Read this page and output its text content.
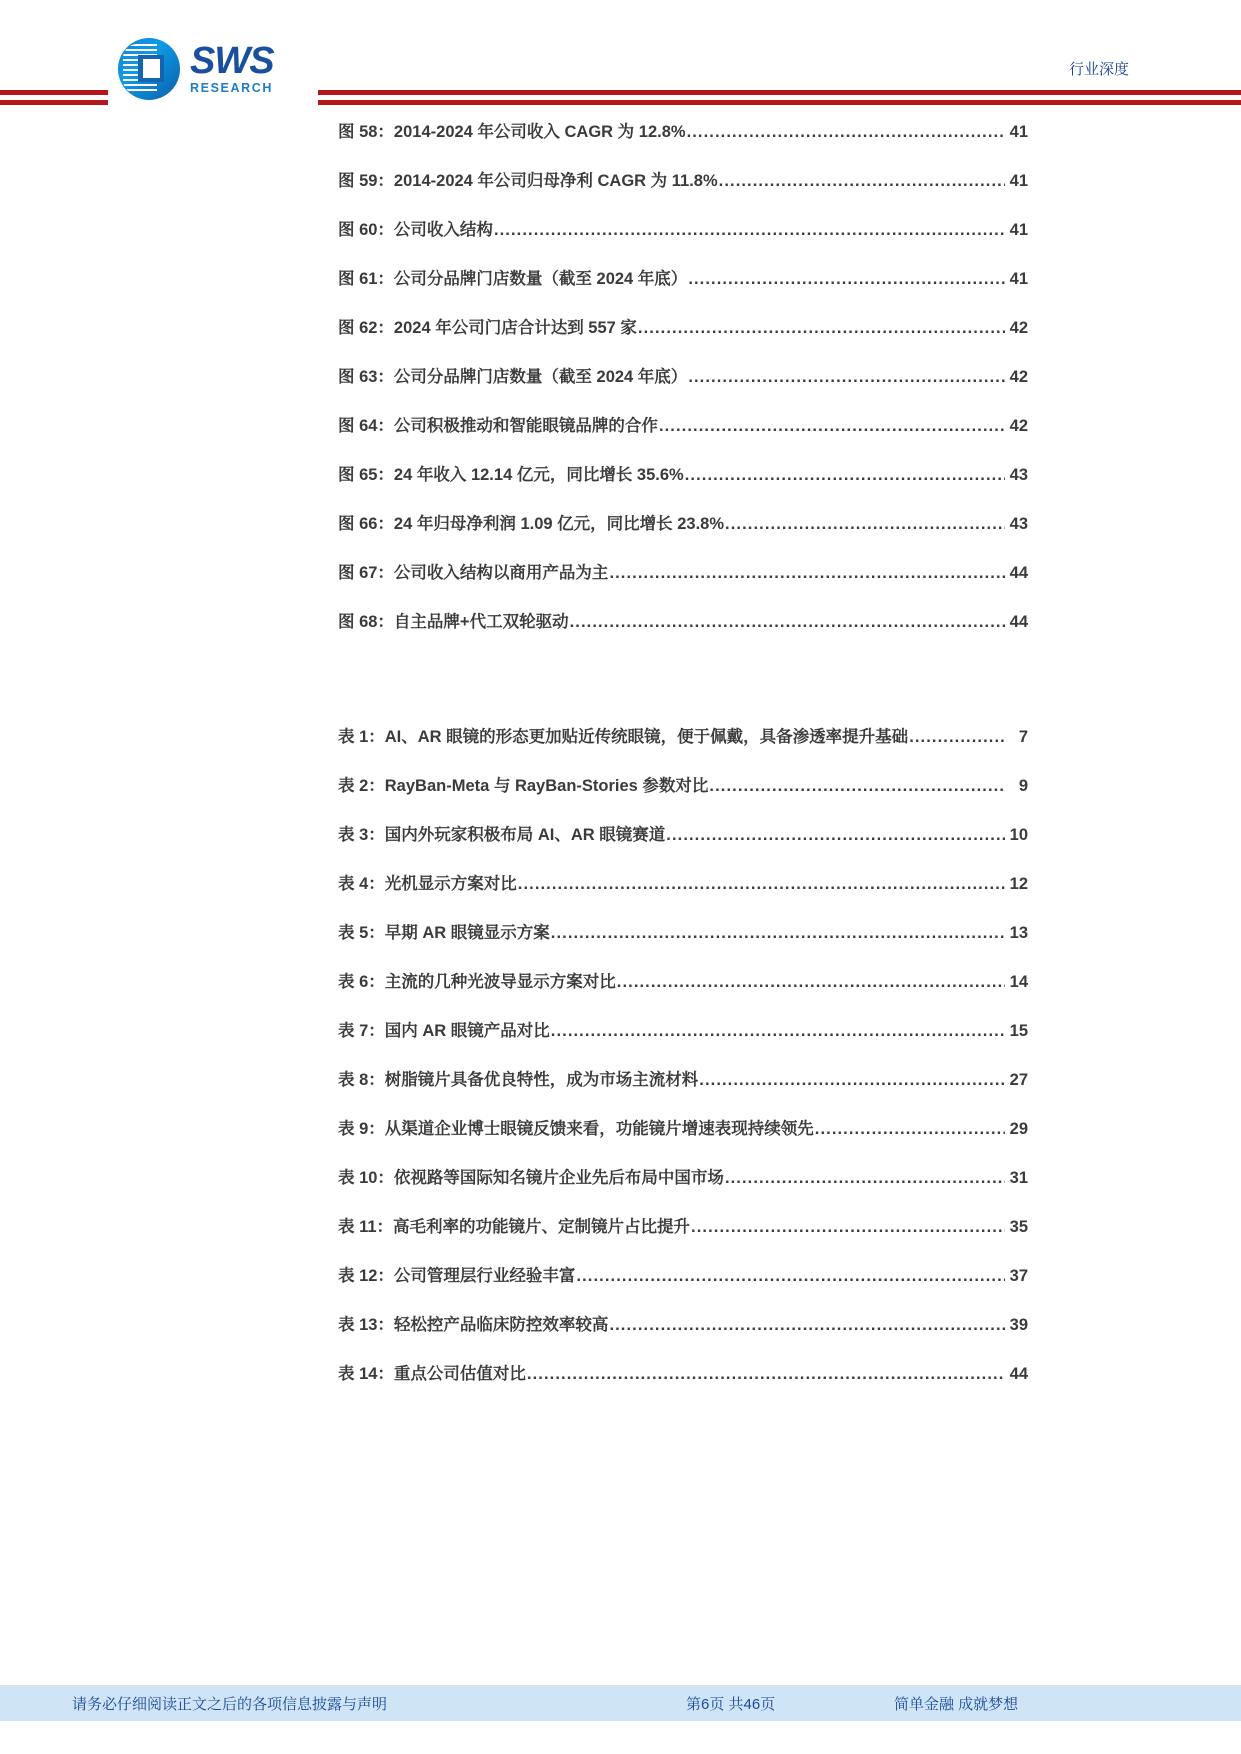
SWS
RESEARCH
行业深度
图 58：2014-2024 年公司收入 CAGR 为 12.8% .....	41
图 59：2014-2024 年公司归母净利 CAGR 为 11.8% .....	41
图 60：公司收入结构 .....	41
图 61：公司分品牌门店数量（截至 2024 年底） .....	41
图 62：2024 年公司门店合计达到 557 家 .....	42
图 63：公司分品牌门店数量（截至 2024 年底） .....	42
图 64：公司积极推动和智能眼镜品牌的合作 .....	42
图 65：24 年收入 12.14 亿元，同比增长 35.6% .....	43
图 66：24 年归母净利润 1.09 亿元，同比增长 23.8% .....	43
图 67：公司收入结构以商用产品为主 .....	44
图 68：自主品牌+代工双轮驱动 .....	44
表 1：AI、AR 眼镜的形态更加贴近传统眼镜，便于佩戴，具备渗透率提升基础 .....	7
表 2：RayBan-Meta 与 RayBan-Stories 参数对比 .....	9
表 3：国内外玩家积极布局 AI、AR 眼镜赛道 .....	10
表 4：光机显示方案对比 .....	12
表 5：早期 AR 眼镜显示方案 .....	13
表 6：主流的几种光波导显示方案对比 .....	14
表 7：国内 AR 眼镜产品对比 .....	15
表 8：树脂镜片具备优良特性，成为市场主流材料 .....	27
表 9：从渠道企业博士眼镜反馈来看，功能镜片增速表现持续领先 .....	29
表 10：依视路等国际知名镜片企业先后布局中国市场 .....	31
表 11：高毛利率的功能镜片、定制镜片占比提升 .....	35
表 12：公司管理层行业经验丰富 .....	37
表 13：轻松控产品临床防控效率较高 .....	39
表 14：重点公司估值对比 .....	44
请务必仔细阅读正文之后的各项信息披露与声明	第6页 共46页	简单金融 成就梦想
